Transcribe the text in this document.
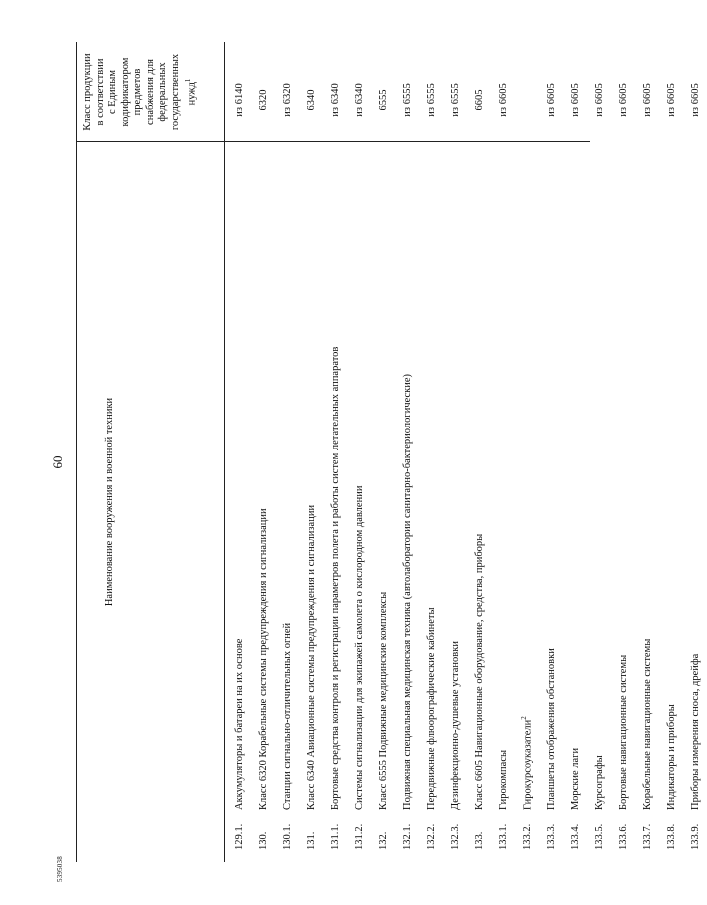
60
5395038
Наименование вооружения и военной техники
Класс продукции в соответствии с Единым кодификатором предметов снабжения для федеральных государственных нужд$^1$
129.1.
Аккумуляторы и батареи на их основе
из 6140
130.
Класс 6320 Корабельные системы предупреждения и сигнализации
6320
130.1.
Станции сигнально-отличительных огней
из 6320
131.
Класс 6340 Авиационные системы предупреждения и сигнализации
6340
131.1.
Бортовые средства контроля и регистрации параметров полета и работы систем летательных аппаратов
из 6340
131.2.
Системы сигнализации для экипажей самолета о кислородном давлении
из 6340
132.
Класс 6555 Подвижные медицинские комплексы
6555
132.1.
Подвижная специальная медицинская техника (автолаборатории санитарно-бактериологические)
из 6555
132.2.
Передвижные флюорографические кабинеты
из 6555
132.3.
Дезинфекционно-душевые установки
из 6555
133.
Класс 6605 Навигационные оборудование, средства, приборы
6605
133.1.
Гирокомпасы
из 6605
133.2.
Гирокурсоуказатели$^2$
133.3.
Планшеты отображения обстановки
из 6605
133.4.
Морские лаги
из 6605
133.5.
Курсографы
из 6605
133.6.
Бортовые навигационные системы
из 6605
133.7.
Корабельные навигационные системы
из 6605
133.8.
Индикаторы и приборы
из 6605
133.9.
Приборы измерения сноса, дрейфа
из 6605
